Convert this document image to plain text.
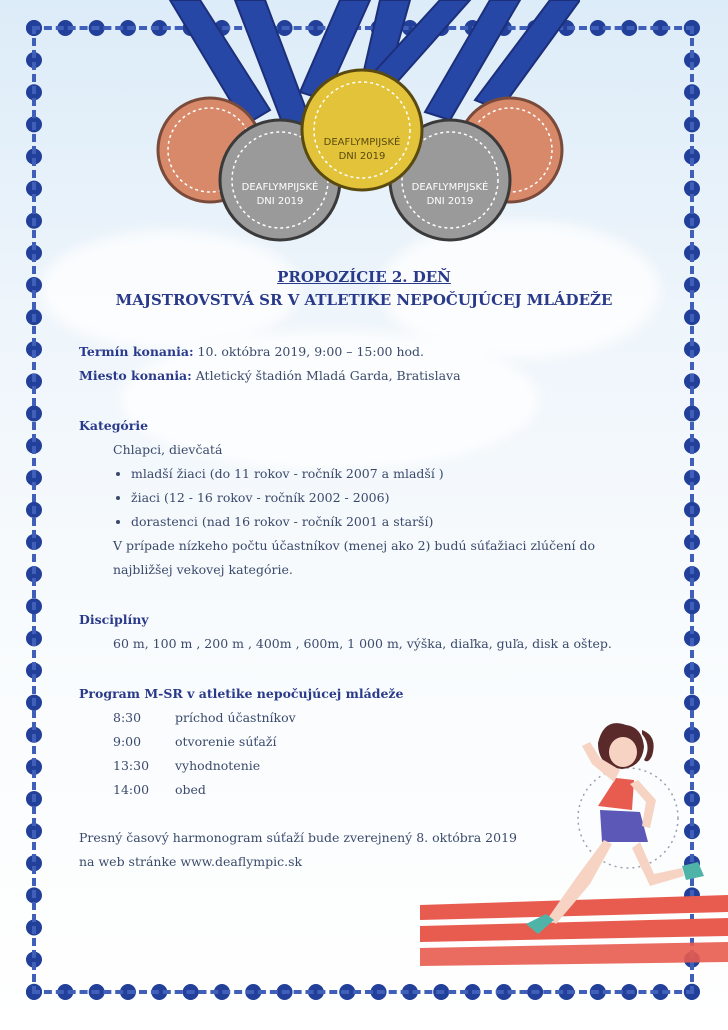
DEAFLYMPIJSKÉ
DNI 2019
DEAFLYMPIJSKÉ
DNI 2019
DEAFLYMPIJSKÉ
DNI 2019
PROPOZÍCIE 2. DEŇ
MAJSTROVSTVÁ SR V ATLETIKE NEPOČUJÚCEJ MLÁDEŽE
Termín konania: 10. októbra 2019, 9:00 – 15:00 hod.
Miesto konania: Atletický štadión Mladá Garda, Bratislava
Kategórie
Chlapci, dievčatá
• mladší žiaci (do 11 rokov - ročník 2007 a mladší )
• žiaci (12 - 16 rokov - ročník 2002 - 2006)
• dorastenci (nad 16 rokov - ročník 2001 a starší)
V prípade nízkeho počtu účastníkov (menej ako 2) budú súťažiaci zlúčení do najbližšej vekovej kategórie.
Disciplíny
60 m, 100 m , 200 m , 400m , 600m, 1 000 m, výška, diaľka, guľa, disk a oštep.
Program M-SR v atletike nepočujúcej mládeže
8:30	príchod účastníkov
9:00	otvorenie súťaží
13:30	vyhodnotenie
14:00	obed
Presný časový harmonogram súťaží bude zverejnený 8. októbra 2019
na web stránke www.deaflympic.sk
